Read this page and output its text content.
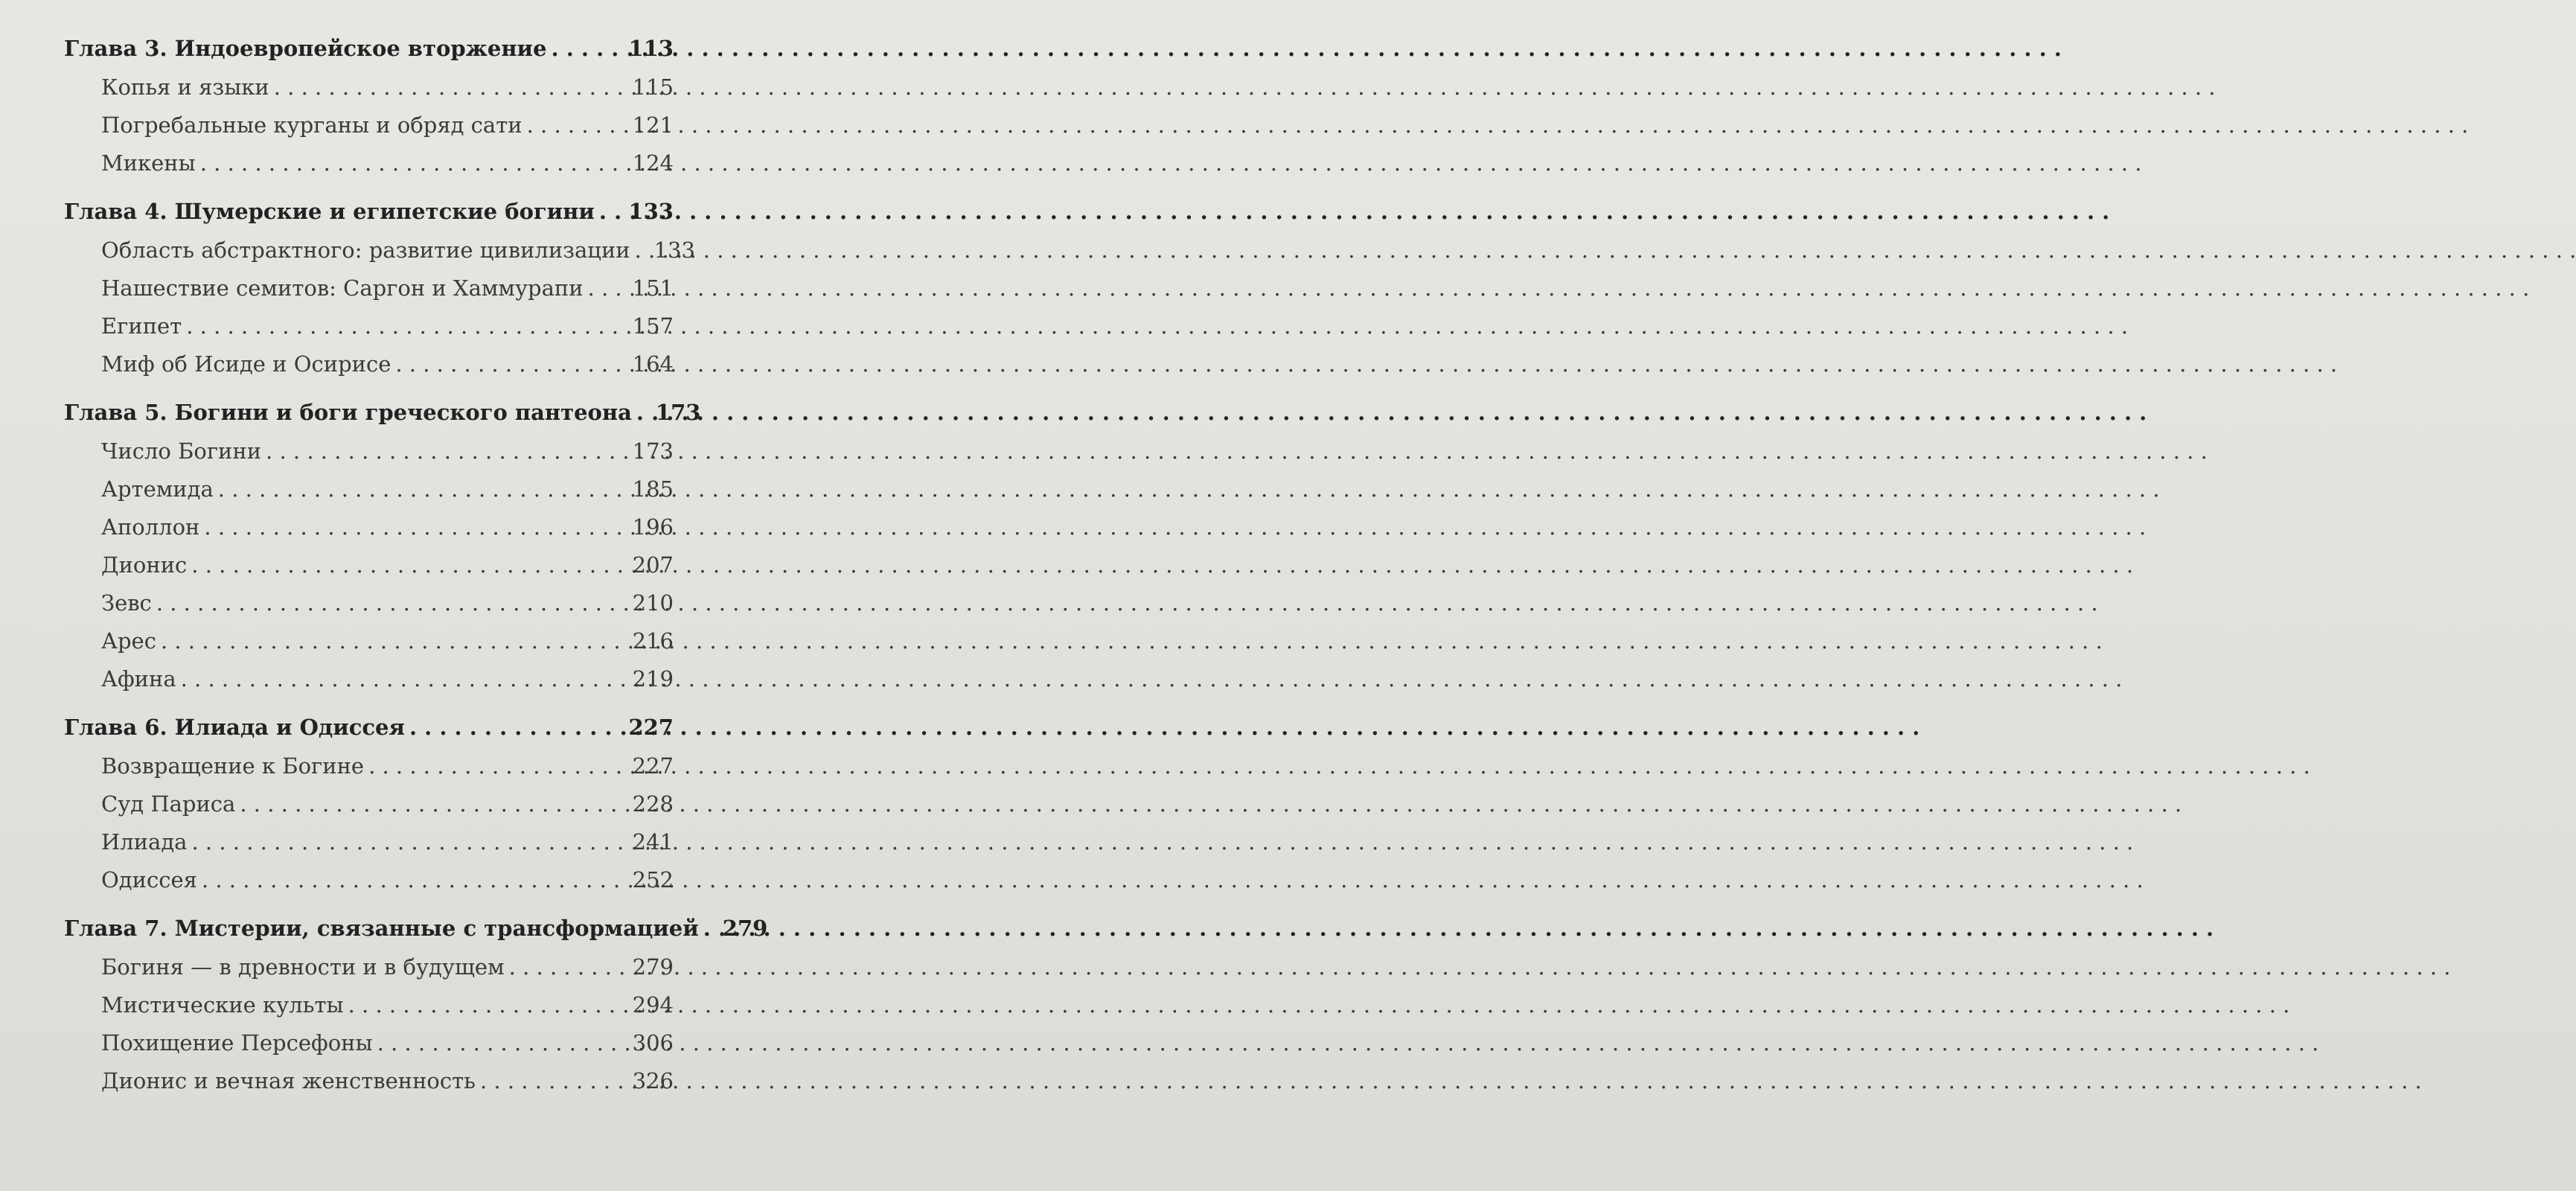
Глава 3. Индоевропейское вторжение . . .	113
Копья и языки . . .	115
Погребальные курганы и обряд сати . . .	121
Микены . . .	124
Глава 4. Шумерские и египетские богини . . . 133
Область абстрактного: развитие цивилизации . . . 133
Нашествие семитов: Саргон и Хаммурапи . . . 151
Египет . . .	157
Миф об Исиде и Осирисе . . .	164
Глава 5. Богини и боги греческого пантеона . . . 173
Число Богини . . .	173
Артемида . . .	185
Аполлон . . .	196
Дионис . . .	207
Зевс . . .	210
Арес . . .	216
Афина . . .	219
Глава 6. Илиада и Одиссея . . .	227
Возвращение к Богине . . .	227
Суд Париса . . .	228
Илиада . . .	241
Одиссея . . .	252
Глава 7. Мистерии, связанные с трансформацией . . . 279
Богиня — в древности и в будущем . . .	279
Мистические культы . . .	294
Похищение Персефоны . . .	306
Дионис и вечная женственность . . .	326
